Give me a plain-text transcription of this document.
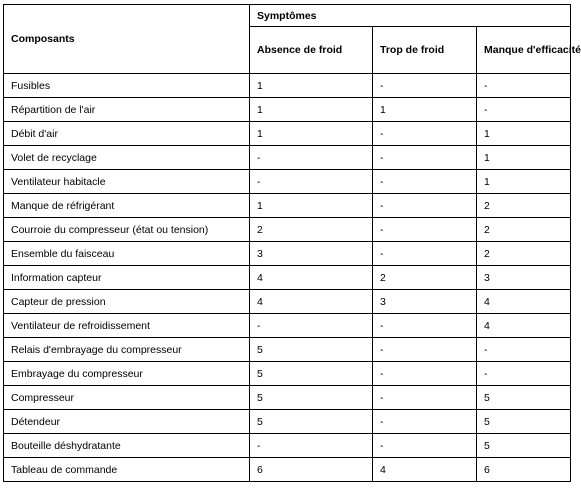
Composants	Symptômes		
	Absence de froid	Trop de froid	Manque d'efficacité
Fusibles	1	-	-
Répartition de l'air	1	1	-
Débit d'air	1	-	1
Volet de recyclage	-	-	1
Ventilateur habitacle	-	-	1
Manque de réfrigérant	1	-	2
Courroie du compresseur (état ou tension)	2	-	2
Ensemble du faisceau	3	-	2
Information capteur	4	2	3
Capteur de pression	4	3	4
Ventilateur de refroidissement	-	-	4
Relais d'embrayage du compresseur	5	-	-
Embrayage du compresseur	5	-	-
Compresseur	5	-	5
Détendeur	5	-	5
Bouteille déshydratante	-	-	5
Tableau de commande	6	4	6
